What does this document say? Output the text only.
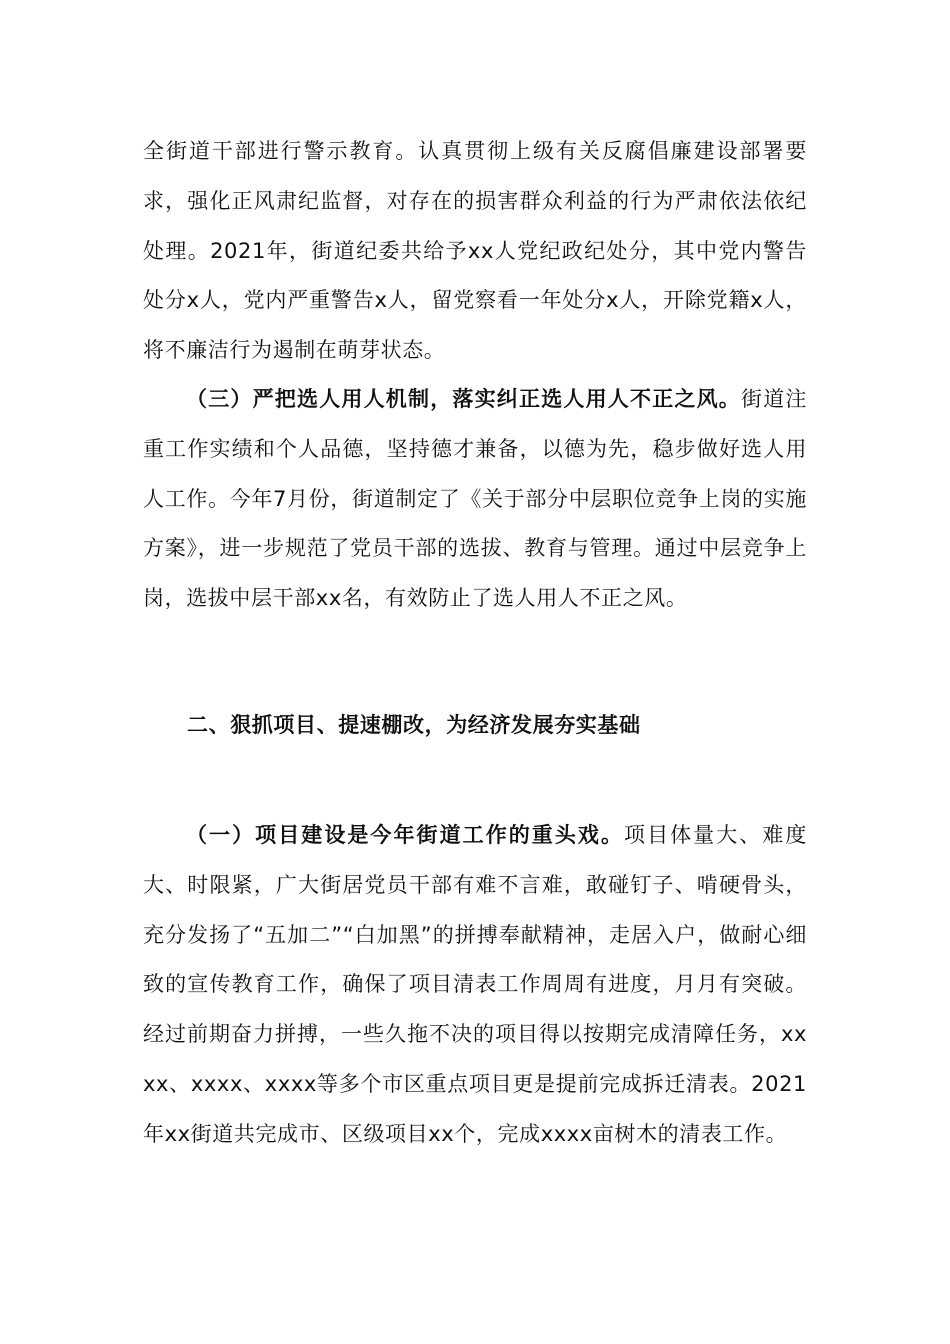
全街道干部进行警示教育。认真贯彻上级有关反腐倡廉建设部署要求，强化正风肃纪监督，对存在的损害群众利益的行为严肃依法依纪处理。2021年，街道纪委共给予xx人党纪政纪处分，其中党内警告处分x人，党内严重警告x人，留党察看一年处分x人，开除党籍x人，将不廉洁行为遏制在萌芽状态。

（三）严把选人用人机制，落实纠正选人用人不正之风。街道注重工作实绩和个人品德，坚持德才兼备，以德为先，稳步做好选人用人工作。今年7月份，街道制定了《关于部分中层职位竞争上岗的实施方案》，进一步规范了党员干部的选拔、教育与管理。通过中层竞争上岗，选拔中层干部xx名，有效防止了选人用人不正之风。

二、狠抓项目、提速棚改，为经济发展夯实基础

（一）项目建设是今年街道工作的重头戏。项目体量大、难度大、时限紧，广大街居党员干部有难不言难，敢碰钉子、啃硬骨头，充分发扬了“五加二”“白加黑”的拼搏奉献精神，走居入户，做耐心细致的宣传教育工作，确保了项目清表工作周周有进度，月月有突破。经过前期奋力拼搏，一些久拖不决的项目得以按期完成清障任务，xxxx、xxxx、xxxx等多个市区重点项目更是提前完成拆迁清表。2021年xx街道共完成市、区级项目xx个，完成xxxx亩树木的清表工作。
